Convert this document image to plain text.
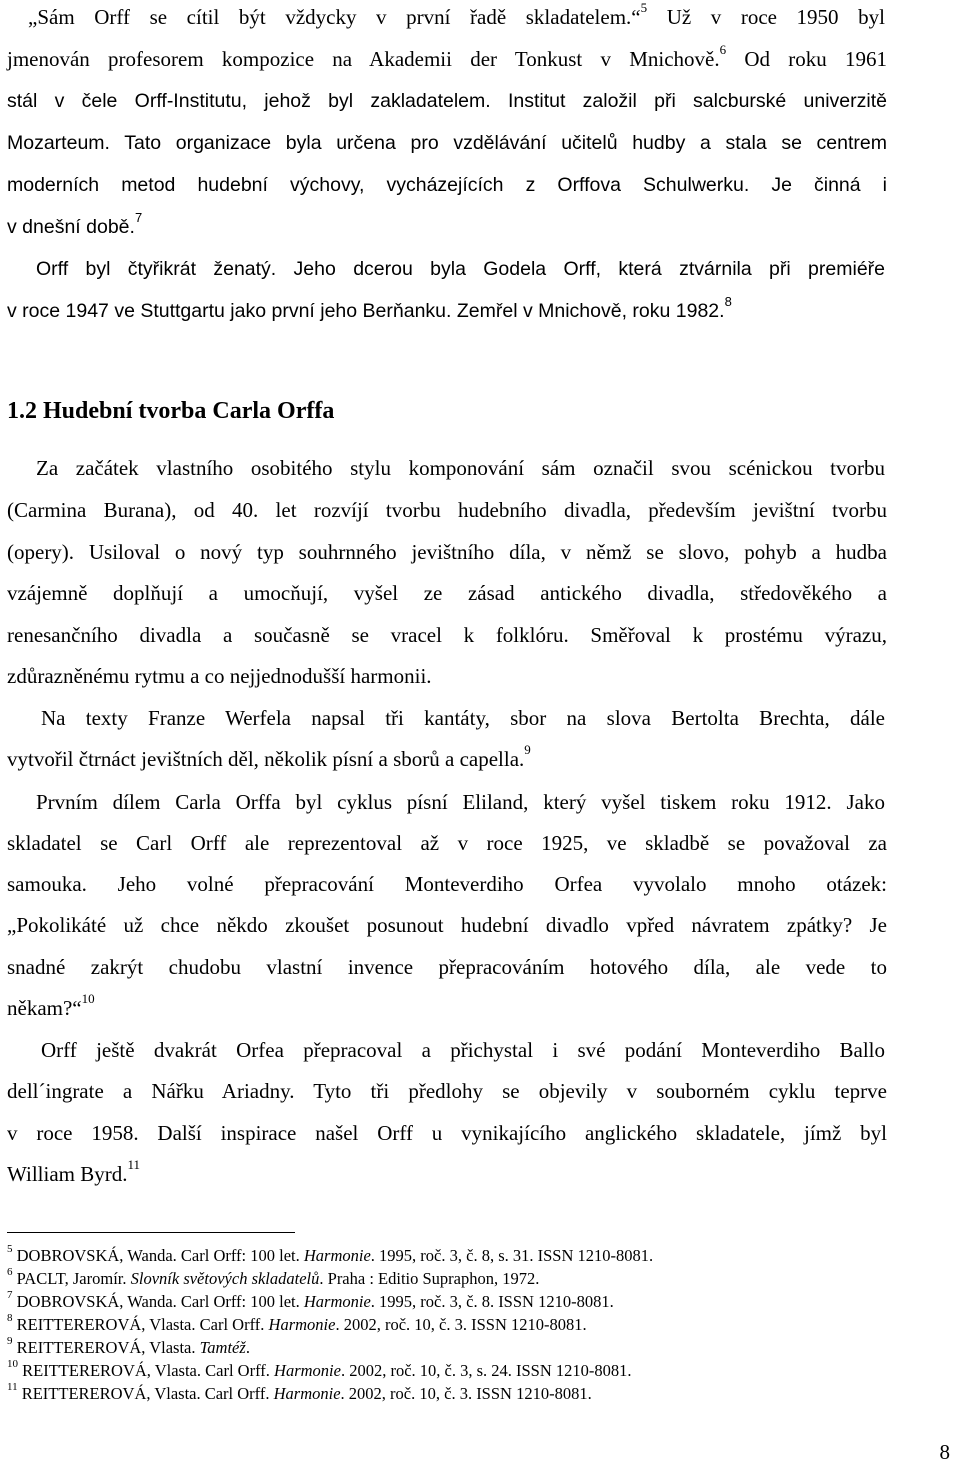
„Sám Orff se cítil být vždycky v první řadě skladatelem.“$^5$ Už v roce 1950 byl
jmenován profesorem kompozice na Akademii der Tonkust v Mnichově.$^6$ Od roku 1961
stál v čele Orff-Institutu, jehož byl zakladatelem. Institut založil při salcburské univerzitě
Mozarteum. Tato organizace byla určena pro vzdělávání učitelů hudby a stala se centrem
moderních metod hudební výchovy, vycházejících z Orffova Schulwerku. Je činná i
v dnešní době.$^7$
Orff byl čtyřikrát ženatý. Jeho dcerou byla Godela Orff, která ztvárnila při premiéře
v roce 1947 ve Stuttgartu jako první jeho Berňanku. Zemřel v Mnichově, roku 1982.$^8$
1.2 Hudební tvorba Carla Orffa
Za začátek vlastního osobitého stylu komponování sám označil svou scénickou tvorbu
(Carmina Burana), od 40. let rozvíjí tvorbu hudebního divadla, především jevištní tvorbu
(opery). Usiloval o nový typ souhrnného jevištního díla, v němž se slovo, pohyb a hudba
vzájemně doplňují a umocňují, vyšel ze zásad antického divadla, středověkého a
renesančního divadla a současně se vracel k folklóru. Směřoval k prostému výrazu,
zdůrazněnému rytmu a co nejjednodušší harmonii.
Na texty Franze Werfela napsal tři kantáty, sbor na slova Bertolta Brechta, dále
vytvořil čtrnáct jevištních děl, několik písní a sborů a capella.$^9$
Prvním dílem Carla Orffa byl cyklus písní Eliland, který vyšel tiskem roku 1912. Jako
skladatel se Carl Orff ale reprezentoval až v roce 1925, ve skladbě se považoval za
samouka. Jeho volné přepracování Monteverdiho Orfea vyvolalo mnoho otázek:
„Pokolikáté už chce někdo zkoušet posunout hudební divadlo vpřed návratem zpátky? Je
snadné zakrýt chudobu vlastní invence přepracováním hotového díla, ale vede to
někam?“$^{10}$
Orff ještě dvakrát Orfea přepracoval a přichystal i své podání Monteverdiho Ballo
dell´ingrate a Nářku Ariadny. Tyto tři předlohy se objevily v souborném cyklu teprve
v roce 1958. Další inspirace našel Orff u vynikajícího anglického skladatele, jímž byl
William Byrd.$^{11}$
$^5$ DOBROVSKÁ, Wanda. Carl Orff: 100 let. Harmonie. 1995, roč. 3, č. 8, s. 31. ISSN 1210-8081.
$^6$ PACLT, Jaromír. Slovník světových skladatelů. Praha : Editio Supraphon, 1972.
$^7$ DOBROVSKÁ, Wanda. Carl Orff: 100 let. Harmonie. 1995, roč. 3, č. 8. ISSN 1210-8081.
$^8$ REITTEREROVÁ, Vlasta. Carl Orff. Harmonie. 2002, roč. 10, č. 3. ISSN 1210-8081.
$^9$ REITTEREROVÁ, Vlasta. Tamtéž.
$^{10}$ REITTEREROVÁ, Vlasta. Carl Orff. Harmonie. 2002, roč. 10, č. 3, s. 24. ISSN 1210-8081.
$^{11}$ REITTEREROVÁ, Vlasta. Carl Orff. Harmonie. 2002, roč. 10, č. 3. ISSN 1210-8081.
8
